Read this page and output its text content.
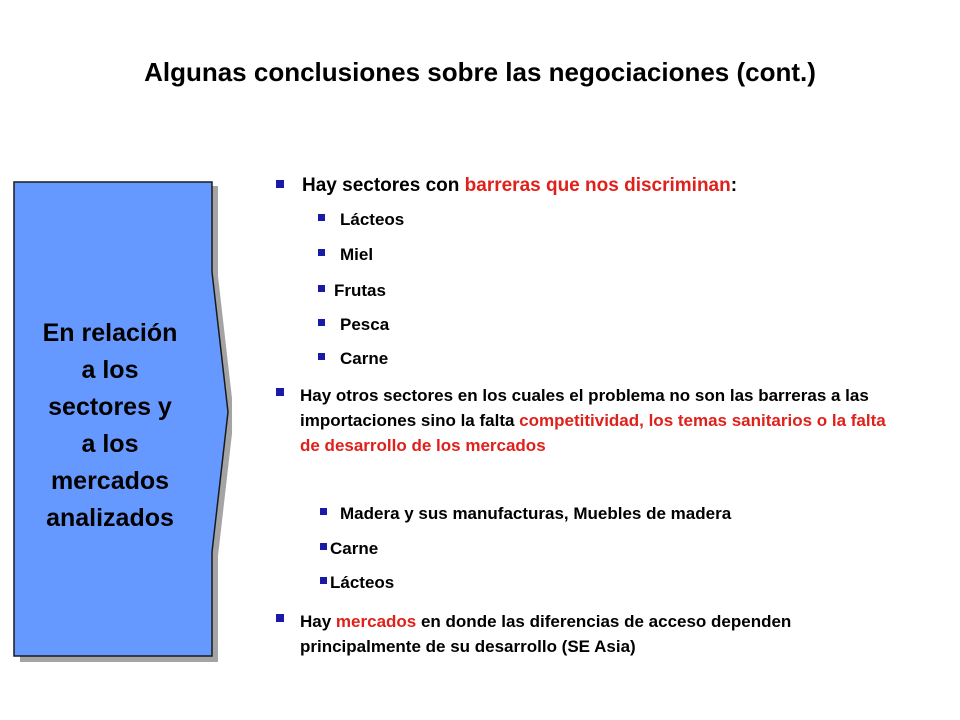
Algunas conclusiones sobre las negociaciones (cont.)
En relación
a los
sectores y
a los
mercados
analizados
Hay sectores con barreras que nos discriminan:
Lácteos
Miel
Frutas
Pesca
Carne
Hay otros sectores en los cuales el problema no son las barreras a las importaciones sino la falta competitividad, los temas sanitarios o la falta de desarrollo de los mercados
Madera y sus manufacturas, Muebles de madera
Carne
Lácteos
Hay mercados en donde las diferencias de acceso dependen principalmente de su desarrollo (SE Asia)
